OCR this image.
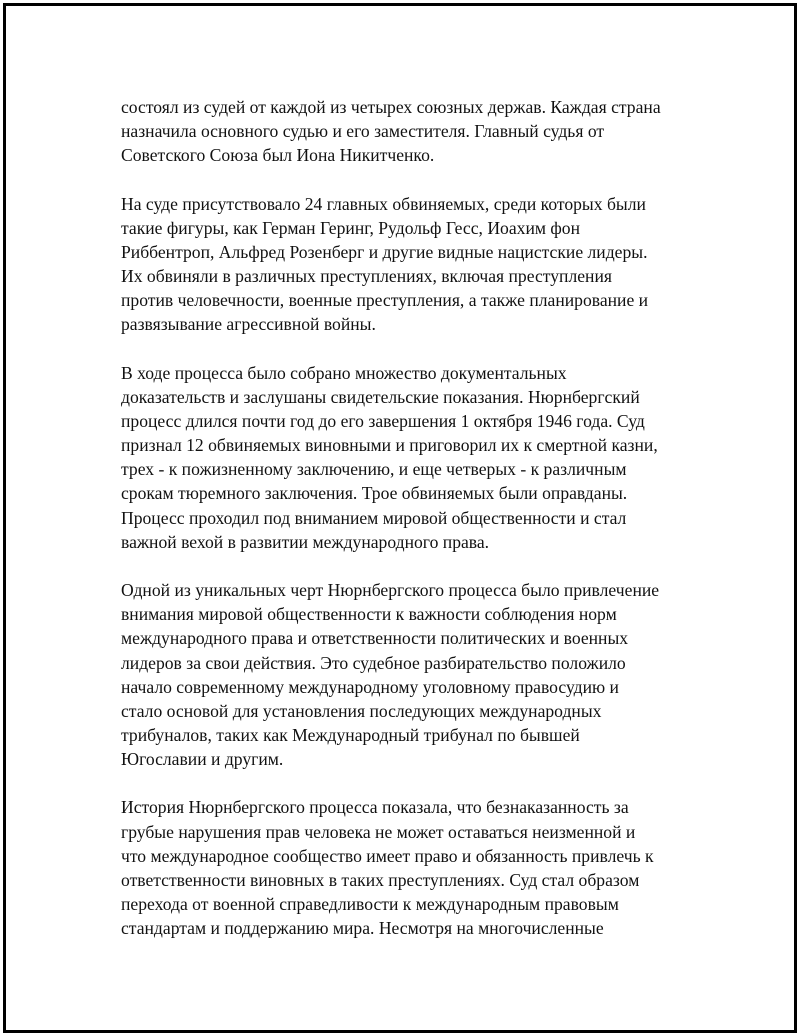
состоял из судей от каждой из четырех союзных держав. Каждая страна
назначила основного судью и его заместителя. Главный судья от
Советского Союза был Иона Никитченко.

На суде присутствовало 24 главных обвиняемых, среди которых были
такие фигуры, как Герман Геринг, Рудольф Гесс, Иоахим фон
Риббентроп, Альфред Розенберг и другие видные нацистские лидеры.
Их обвиняли в различных преступлениях, включая преступления
против человечности, военные преступления, а также планирование и
развязывание агрессивной войны.

В ходе процесса было собрано множество документальных
доказательств и заслушаны свидетельские показания. Нюрнбергский
процесс длился почти год до его завершения 1 октября 1946 года. Суд
признал 12 обвиняемых виновными и приговорил их к смертной казни,
трех - к пожизненному заключению, и еще четверых - к различным
срокам тюремного заключения. Трое обвиняемых были оправданы.
Процесс проходил под вниманием мировой общественности и стал
важной вехой в развитии международного права.

Одной из уникальных черт Нюрнбергского процесса было привлечение
внимания мировой общественности к важности соблюдения норм
международного права и ответственности политических и военных
лидеров за свои действия. Это судебное разбирательство положило
начало современному международному уголовному правосудию и
стало основой для установления последующих международных
трибуналов, таких как Международный трибунал по бывшей
Югославии и другим.

История Нюрнбергского процесса показала, что безнаказанность за
грубые нарушения прав человека не может оставаться неизменной и
что международное сообщество имеет право и обязанность привлечь к
ответственности виновных в таких преступлениях. Суд стал образом
перехода от военной справедливости к международным правовым
стандартам и поддержанию мира. Несмотря на многочисленные
